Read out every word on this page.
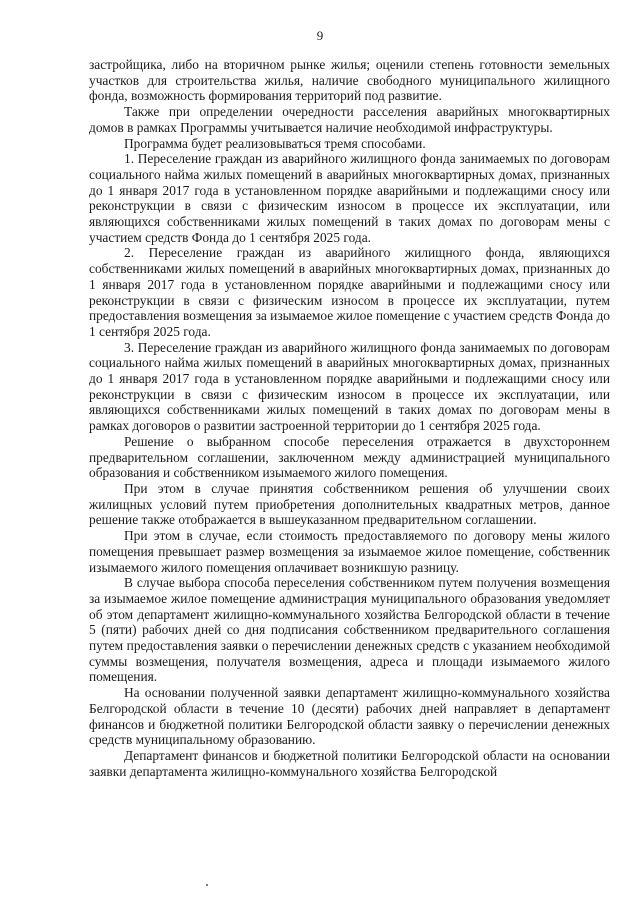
9

застройщика, либо на вторичном рынке жилья; оценили степень готовности земельных участков для строительства жилья, наличие свободного муниципального жилищного фонда, возможность формирования территорий под развитие.

Также при определении очередности расселения аварийных многоквартирных домов в рамках Программы учитывается наличие необходимой инфраструктуры.

Программа будет реализовываться тремя способами.

1. Переселение граждан из аварийного жилищного фонда занимаемых по договорам социального найма жилых помещений в аварийных многоквартирных домах, признанных до 1 января 2017 года в установленном порядке аварийными и подлежащими сносу или реконструкции в связи с физическим износом в процессе их эксплуатации, или являющихся собственниками жилых помещений в таких домах по договорам мены с участием средств Фонда до 1 сентября 2025 года.

2. Переселение граждан из аварийного жилищного фонда, являющихся собственниками жилых помещений в аварийных многоквартирных домах, признанных до 1 января 2017 года в установленном порядке аварийными и подлежащими сносу или реконструкции в связи с физическим износом в процессе их эксплуатации, путем предоставления возмещения за изымаемое жилое помещение с участием средств Фонда до 1 сентября 2025 года.

3. Переселение граждан из аварийного жилищного фонда занимаемых по договорам социального найма жилых помещений в аварийных многоквартирных домах, признанных до 1 января 2017 года в установленном порядке аварийными и подлежащими сносу или реконструкции в связи с физическим износом в процессе их эксплуатации, или являющихся собственниками жилых помещений в таких домах по договорам мены в рамках договоров о развитии застроенной территории до 1 сентября 2025 года.

Решение о выбранном способе переселения отражается в двухстороннем предварительном соглашении, заключенном между администрацией муниципального образования и собственником изымаемого жилого помещения.

При этом в случае принятия собственником решения об улучшении своих жилищных условий путем приобретения дополнительных квадратных метров, данное решение также отображается в вышеуказанном предварительном соглашении.

При этом в случае, если стоимость предоставляемого по договору мены жилого помещения превышает размер возмещения за изымаемое жилое помещение, собственник изымаемого жилого помещения оплачивает возникшую разницу.

В случае выбора способа переселения собственником путем получения возмещения за изымаемое жилое помещение администрация муниципального образования уведомляет об этом департамент жилищно-коммунального хозяйства Белгородской области в течение 5 (пяти) рабочих дней со дня подписания собственником предварительного соглашения путем предоставления заявки о перечислении денежных средств с указанием необходимой суммы возмещения, получателя возмещения, адреса и площади изымаемого жилого помещения.

На основании полученной заявки департамент жилищно-коммунального хозяйства Белгородской области в течение 10 (десяти) рабочих дней направляет в департамент финансов и бюджетной политики Белгородской области заявку о перечислении денежных средств муниципальному образованию.

Департамент финансов и бюджетной политики Белгородской области на основании заявки департамента жилищно-коммунального хозяйства Белгородской
